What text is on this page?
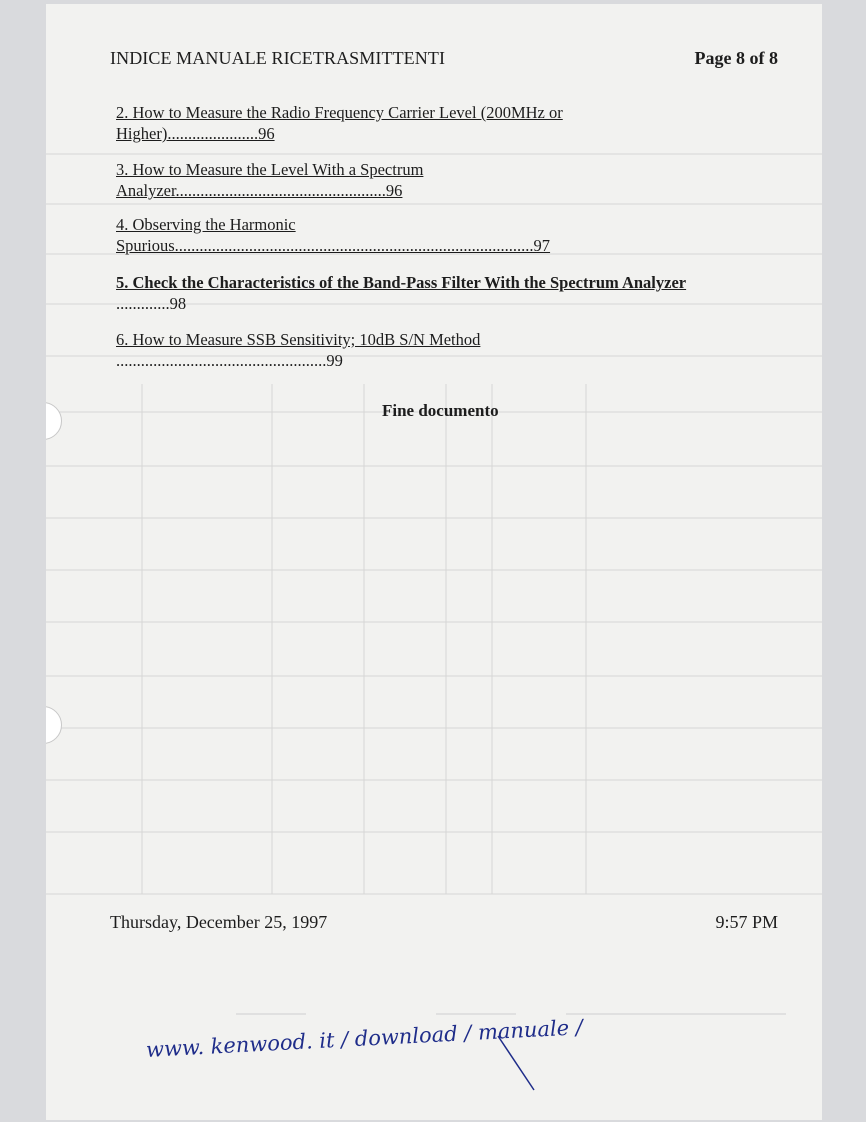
INDICE MANUALE RICETRASMITTENTI	Page 8 of 8
2. How to Measure the Radio Frequency Carrier Level (200MHz or
Higher)......................96
3. How to Measure the Level With a Spectrum
Analyzer...................................................96
4. Observing the Harmonic
Spurious.......................................................................................97
5. Check the Characteristics of the Band-Pass Filter With the Spectrum Analyzer
.............98
6. How to Measure SSB Sensitivity; 10dB S/N Method
...................................................99
Fine documento
Thursday, December 25, 1997	9:57 PM
www. kenwood. it / download / manuale /
